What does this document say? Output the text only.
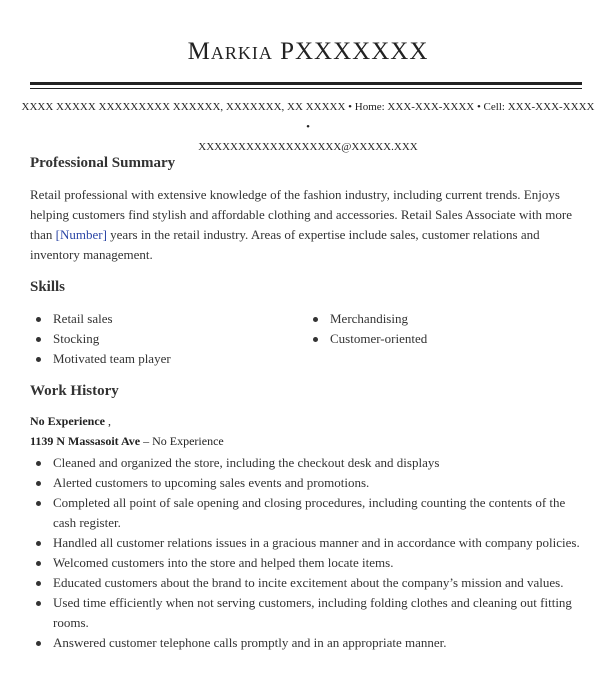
Markia PXXXXXXX
XXXX XXXXX XXXXXXXXX XXXXXX, XXXXXXX, XX XXXXX • Home: XXX-XXX-XXXX • Cell: XXX-XXX-XXXX •
XXXXXXXXXXXXXXXXXX@XXXXX.XXX
Professional Summary
Retail professional with extensive knowledge of the fashion industry, including current trends. Enjoys helping customers find stylish and affordable clothing and accessories. Retail Sales Associate with more than [Number] years in the retail industry. Areas of expertise include sales, customer relations and inventory management.
Skills
Retail sales
Stocking
Motivated team player
Merchandising
Customer-oriented
Work History
No Experience ,
1139 N Massasoit Ave – No Experience
Cleaned and organized the store, including the checkout desk and displays
Alerted customers to upcoming sales events and promotions.
Completed all point of sale opening and closing procedures, including counting the contents of the cash register.
Handled all customer relations issues in a gracious manner and in accordance with company policies.
Welcomed customers into the store and helped them locate items.
Educated customers about the brand to incite excitement about the company’s mission and values.
Used time efficiently when not serving customers, including folding clothes and cleaning out fitting rooms.
Answered customer telephone calls promptly and in an appropriate manner.
